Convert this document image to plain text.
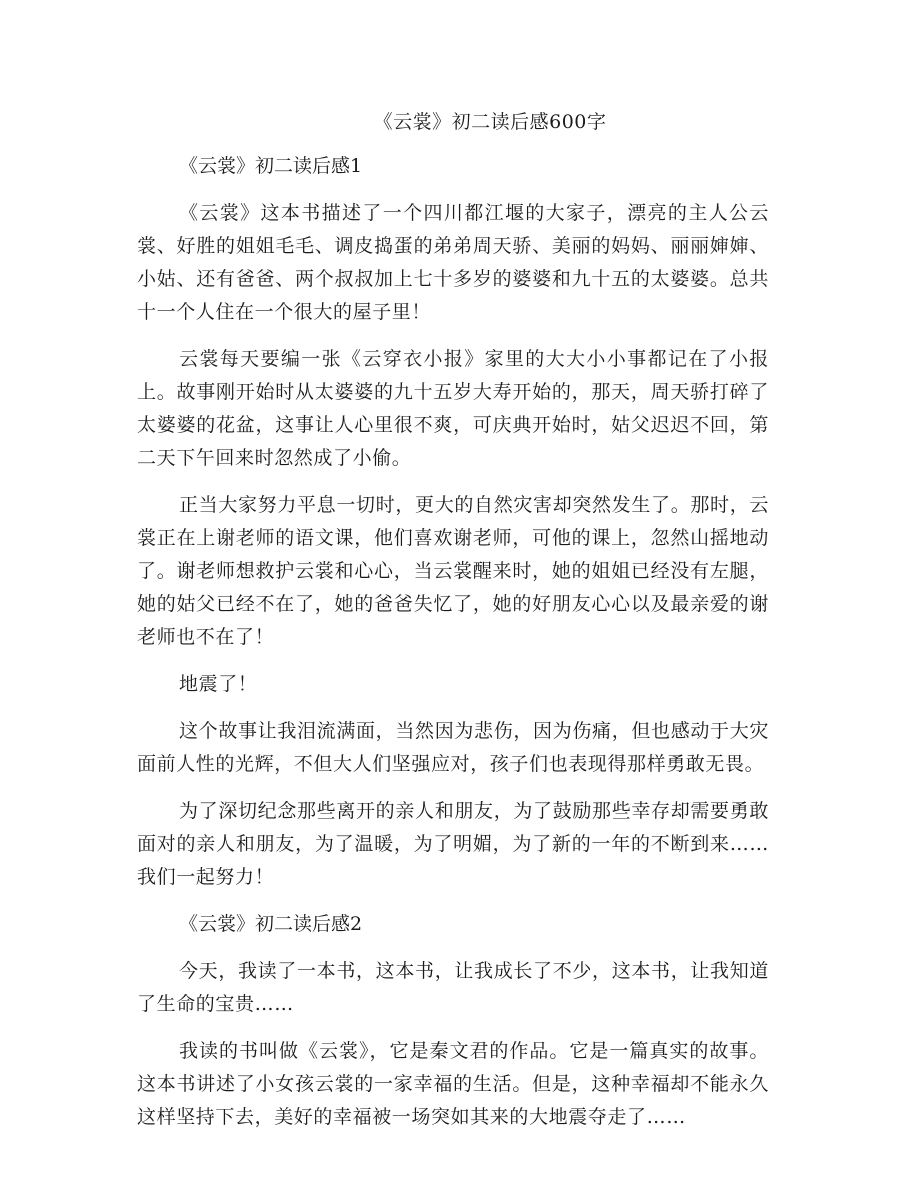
《云裳》初二读后感600字
《云裳》初二读后感1

《云裳》这本书描述了一个四川都江堰的大家子，漂亮的主人公云裳、好胜的姐姐毛毛、调皮捣蛋的弟弟周天骄、美丽的妈妈、丽丽婶婶、小姑、还有爸爸、两个叔叔加上七十多岁的婆婆和九十五的太婆婆。总共十一个人住在一个很大的屋子里！

云裳每天要编一张《云穿衣小报》家里的大大小小事都记在了小报上。故事刚开始时从太婆婆的九十五岁大寿开始的，那天，周天骄打碎了太婆婆的花盆，这事让人心里很不爽，可庆典开始时，姑父迟迟不回，第二天下午回来时忽然成了小偷。

正当大家努力平息一切时，更大的自然灾害却突然发生了。那时，云裳正在上谢老师的语文课，他们喜欢谢老师，可他的课上，忽然山摇地动了。谢老师想救护云裳和心心，当云裳醒来时，她的姐姐已经没有左腿，她的姑父已经不在了，她的爸爸失忆了，她的好朋友心心以及最亲爱的谢老师也不在了！

地震了！

这个故事让我泪流满面，当然因为悲伤，因为伤痛，但也感动于大灾面前人性的光辉，不但大人们坚强应对，孩子们也表现得那样勇敢无畏。

为了深切纪念那些离开的亲人和朋友，为了鼓励那些幸存却需要勇敢面对的亲人和朋友，为了温暖，为了明媚，为了新的一年的不断到来……我们一起努力！

《云裳》初二读后感2

今天，我读了一本书，这本书，让我成长了不少，这本书，让我知道了生命的宝贵……

我读的书叫做《云裳》，它是秦文君的作品。它是一篇真实的故事。这本书讲述了小女孩云裳的一家幸福的生活。但是，这种幸福却不能永久这样坚持下去，美好的幸福被一场突如其来的大地震夺走了……
